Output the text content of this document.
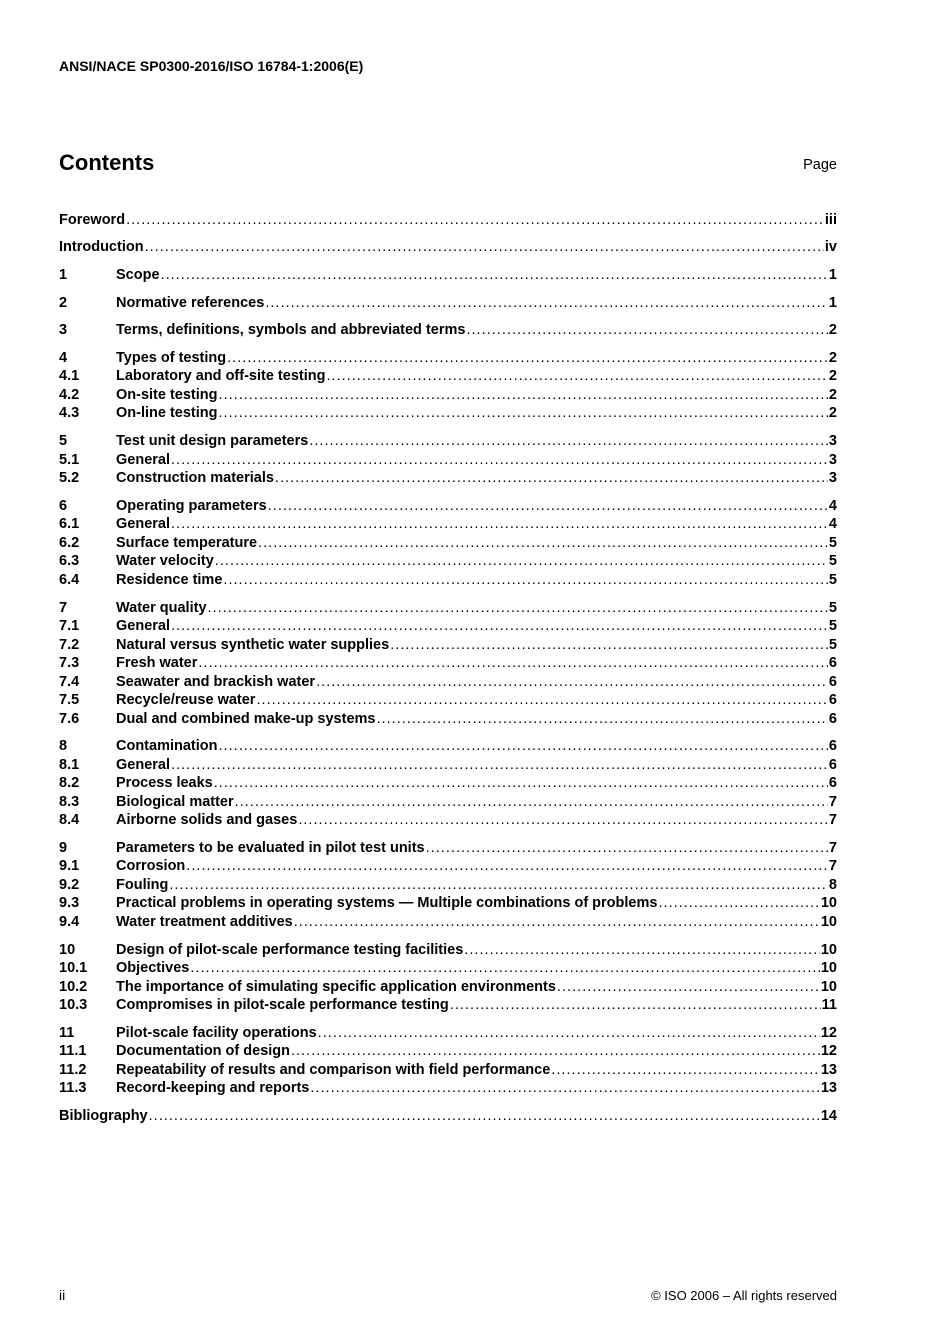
ANSI/NACE SP0300-2016/ISO 16784-1:2006(E)
Contents	Page
Foreword . . .	iii
Introduction . . .	iv
1	Scope . . .	1
2	Normative references . . .	1
3	Terms, definitions, symbols and abbreviated terms . . .	2
4	Types of testing . . .	2
4.1	Laboratory and off-site testing . . .	2
4.2	On-site testing . . .	2
4.3	On-line testing . . .	2
5	Test unit design parameters . . .	3
5.1	General . . .	3
5.2	Construction materials . . .	3
6	Operating parameters . . .	4
6.1	General . . .	4
6.2	Surface temperature . . .	5
6.3	Water velocity . . .	5
6.4	Residence time . . .	5
7	Water quality . . .	5
7.1	General . . .	5
7.2	Natural versus synthetic water supplies . . .	5
7.3	Fresh water . . .	6
7.4	Seawater and brackish water . . .	6
7.5	Recycle/reuse water . . .	6
7.6	Dual and combined make-up systems . . .	6
8	Contamination . . .	6
8.1	General . . .	6
8.2	Process leaks . . .	6
8.3	Biological matter . . .	7
8.4	Airborne solids and gases . . .	7
9	Parameters to be evaluated in pilot test units . . .	7
9.1	Corrosion . . .	7
9.2	Fouling . . .	8
9.3	Practical problems in operating systems — Multiple combinations of problems . . .	10
9.4	Water treatment additives . . .	10
10	Design of pilot-scale performance testing facilities . . .	10
10.1	Objectives . . .	10
10.2	The importance of simulating specific application environments . . .	10
10.3	Compromises in pilot-scale performance testing . . .	11
11	Pilot-scale facility operations . . .	12
11.1	Documentation of design . . .	12
11.2	Repeatability of results and comparison with field performance . . .	13
11.3	Record-keeping and reports . . .	13
Bibliography . . .	14
ii	© ISO 2006 – All rights reserved
